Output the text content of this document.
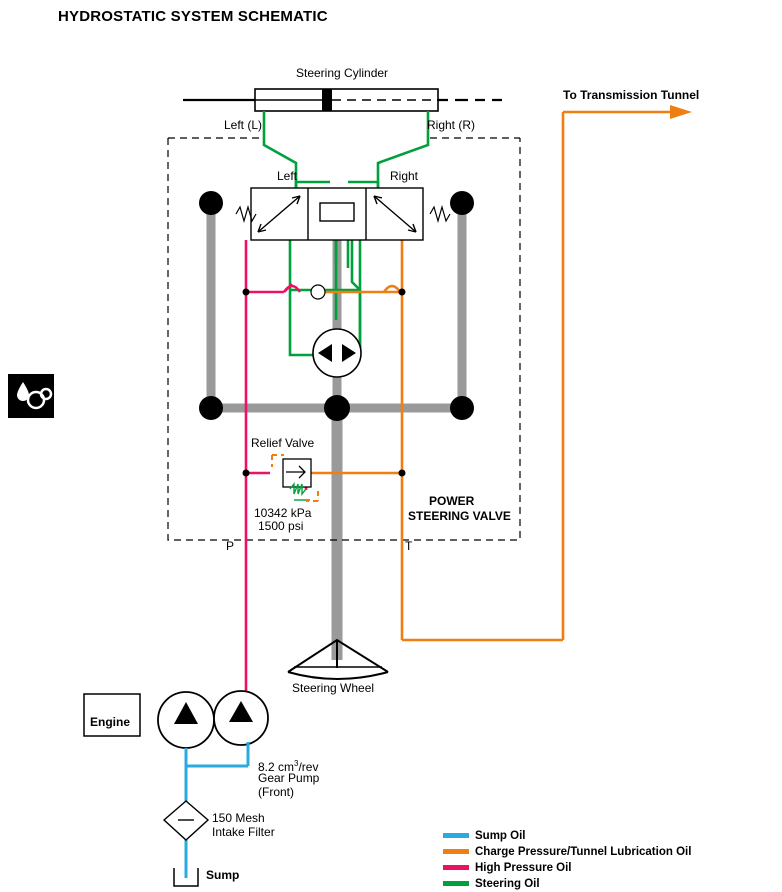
HYDROSTATIC SYSTEM SCHEMATIC
Steering Cylinder
To Transmission Tunnel
Left (L)	Right (R)
Left	Right
Relief Valve
10342 kPa
1500 psi
POWER
STEERING VALVE
P	T
Steering Wheel
Engine
8.2 $cm^3$/rev
Gear Pump
(Front)
150 Mesh
Intake Filter
Sump
Sump Oil
Charge Pressure/Tunnel Lubrication Oil
High Pressure Oil
Steering Oil
